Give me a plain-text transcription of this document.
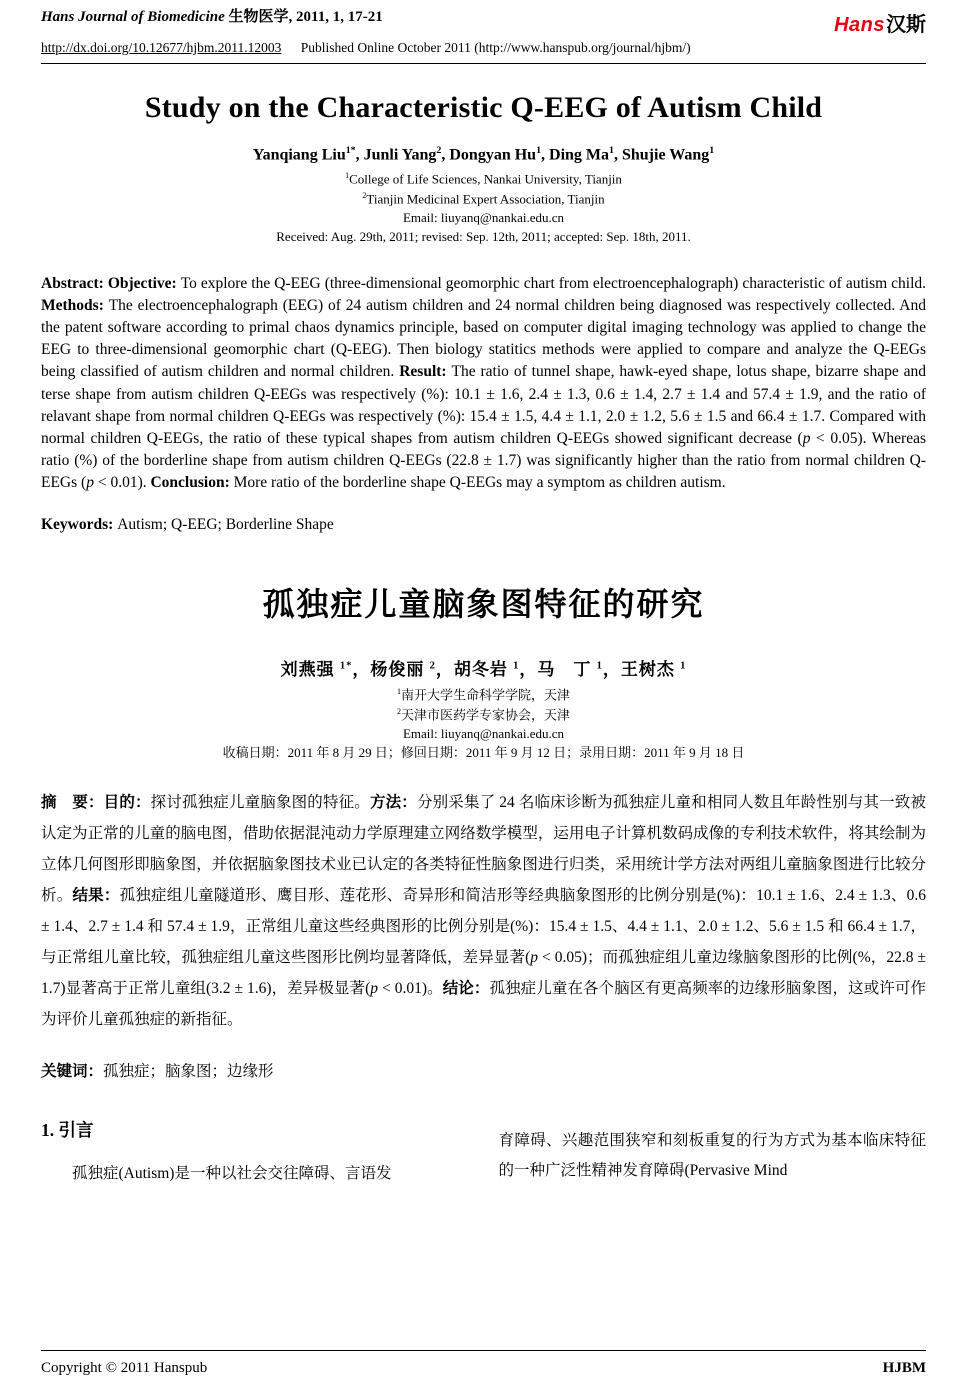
Hans Journal of Biomedicine 生物医学, 2011, 1, 17-21	Hans汉斯
http://dx.doi.org/10.12677/hjbm.2011.12003 Published Online October 2011 (http://www.hanspub.org/journal/hjbm/)
Study on the Characteristic Q-EEG of Autism Child

Yanqiang Liu$^{1*}$, Junli Yang$^2$, Dongyan Hu$^1$, Ding Ma$^1$, Shujie Wang$^1$

$^1$College of Life Sciences, Nankai University, Tianjin

$^2$Tianjin Medicinal Expert Association, Tianjin

Email: liuyanq@nankai.edu.cn

Received: Aug. 29th, 2011; revised: Sep. 12th, 2011; accepted: Sep. 18th, 2011.

Abstract: Objective: To explore the Q-EEG (three-dimensional geomorphic chart from electroencephalograph) characteristic of autism child. Methods: The electroencephalograph (EEG) of 24 autism children and 24 normal children being diagnosed was respectively collected. And the patent software according to primal chaos dynamics principle, based on computer digital imaging technology was applied to change the EEG to three-dimensional geomorphic chart (Q-EEG). Then biology statitics methods were applied to compare and analyze the Q-EEGs being classified of autism children and normal children. Result: The ratio of tunnel shape, hawk-eyed shape, lotus shape, bizarre shape and terse shape from autism children Q-EEGs was respectively (%): 10.1 ± 1.6, 2.4 ± 1.3, 0.6 ± 1.4, 2.7 ± 1.4 and 57.4 ± 1.9, and the ratio of relavant shape from normal children Q-EEGs was respectively (%): 15.4 ± 1.5, 4.4 ± 1.1, 2.0 ± 1.2, 5.6 ± 1.5 and 66.4 ± 1.7. Compared with normal children Q-EEGs, the ratio of these typical shapes from autism children Q-EEGs showed significant decrease (p < 0.05). Whereas ratio (%) of the borderline shape from autism children Q-EEGs (22.8 ± 1.7) was significantly higher than the ratio from normal children Q-EEGs (p < 0.01). Conclusion: More ratio of the borderline shape Q-EEGs may a symptom as children autism.

Keywords: Autism; Q-EEG; Borderline Shape

孤独症儿童脑象图特征的研究

刘燕强 $^{1*}$，杨俊丽 $^2$，胡冬岩 $^1$，马　丁 $^1$，王树杰 $^1$

$^1$南开大学生命科学学院，天津

$^2$天津市医药学专家协会，天津

Email: liuyanq@nankai.edu.cn

收稿日期：2011 年 8 月 29 日；修回日期：2011 年 9 月 12 日；录用日期：2011 年 9 月 18 日

摘　要：目的：探讨孤独症儿童脑象图的特征。方法：分别采集了 24 名临床诊断为孤独症儿童和相同人数且年龄性别与其一致被认定为正常的儿童的脑电图，借助依据混沌动力学原理建立网络数学模型，运用电子计算机数码成像的专利技术软件，将其绘制为立体几何图形即脑象图，并依据脑象图技术业已认定的各类特征性脑象图进行归类，采用统计学方法对两组儿童脑象图进行比较分析。结果：孤独症组儿童隧道形、鹰目形、莲花形、奇异形和简洁形等经典脑象图形的比例分别是(%)：10.1 ± 1.6、2.4 ± 1.3、0.6 ± 1.4、2.7 ± 1.4 和 57.4 ± 1.9，正常组儿童这些经典图形的比例分别是(%)：15.4 ± 1.5、4.4 ± 1.1、2.0 ± 1.2、5.6 ± 1.5 和 66.4 ± 1.7，与正常组儿童比较，孤独症组儿童这些图形比例均显著降低，差异显著(p < 0.05)；而孤独症组儿童边缘脑象图形的比例(%，22.8 ± 1.7)显著高于正常儿童组(3.2 ± 1.6)，差异极显著(p < 0.01)。结论：孤独症儿童在各个脑区有更高频率的边缘形脑象图，这或许可作为评价儿童孤独症的新指征。

关键词：孤独症；脑象图；边缘形

1. 引言

孤独症(Autism)是一种以社会交往障碍、言语发

育障碍、兴趣范围狭窄和刻板重复的行为方式为基本临床特征的一种广泛性精神发育障碍(Pervasive Mind

Copyright © 2011 Hanspub	HJBM
